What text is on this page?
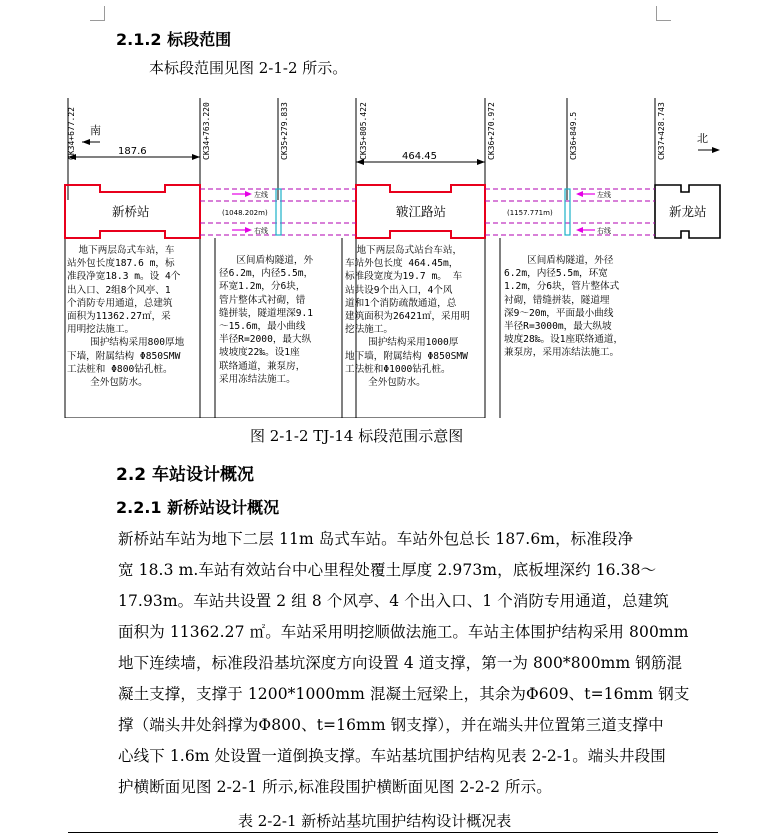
2.1.2 标段范围
本标段范围见图 2-1-2 所示。
CK34+677.22	CK34+763.220	CK35+279.833	CK35+805.422	CK36+270.972	CK36+849.5	CK37+428.743
南
北
187.6	464.45
新桥站	皲江路站	新龙站
左线
右线
左线
右线
(1048.202m)	(1157.771m)
地下两层岛式车站，车
站外包长度187.6 m，标
准段净宽18.3 m。设 4个
出入口、2组8个风亭、1
个消防专用通道，总建筑
面积为11362.27㎡，采
用明挖法施工。
围护结构采用800厚地
下墙，附属结构 Φ850SMW
工法桩和 Φ800钻孔桩。
全外包防水。
区间盾构隧道，外
径6.2m，内径5.5m，
环宽1.2m，分6块，
管片整体式衬砌，错
缝拼装，隧道埋深9.1
～15.6m，最小曲线
半径R=2000，最大纵
坡坡度22‰。设1座
联络通道，兼泵房，
采用冻结法施工。
地下两层岛式站台车站，
车站外包长度 464.45m，
标准段宽度为19.7 m。 车
站共设9个出入口，4个风
道和1个消防疏散通道，总
建筑面积为26421㎡，采用明
挖法施工。
围护结构采用1000厚
地下墙，附属结构 Φ850SMW
工法桩和Φ1000钻孔桩。
全外包防水。
区间盾构隧道，外径
6.2m，内径5.5m，环宽
1.2m，分6块，管片整体式
衬砌，错缝拼装，隧道埋
深9～20m，平面最小曲线
半径R=3000m，最大纵坡
坡度28‰。设1座联络通道，
兼泵房，采用冻结法施工。
图 2-1-2 TJ-14 标段范围示意图
2.2 车站设计概况
2.2.1 新桥站设计概况
新桥站车站为地下二层 11m 岛式车站。车站外包总长 187.6m，标准段净
宽 18.3 m.车站有效站台中心里程处覆土厚度 2.973m，底板埋深约 16.38～
17.93m。车站共设置 2 组 8 个风亭、4 个出入口、1 个消防专用通道，总建筑
面积为 11362.27 ㎡。车站采用明挖顺做法施工。车站主体围护结构采用 800mm
地下连续墙，标准段沿基坑深度方向设置 4 道支撑，第一为 800*800mm 钢筋混
凝土支撑，支撑于 1200*1000mm 混凝土冠梁上，其余为Φ609、t=16mm 钢支
撑（端头井处斜撑为Φ800、t=16mm 钢支撑），并在端头井位置第三道支撑中
心线下 1.6m 处设置一道倒换支撑。车站基坑围护结构见表 2-2-1。端头井段围
护横断面见图 2-2-1 所示,标准段围护横断面见图 2-2-2 所示。
表 2-2-1 新桥站基坑围护结构设计概况表
